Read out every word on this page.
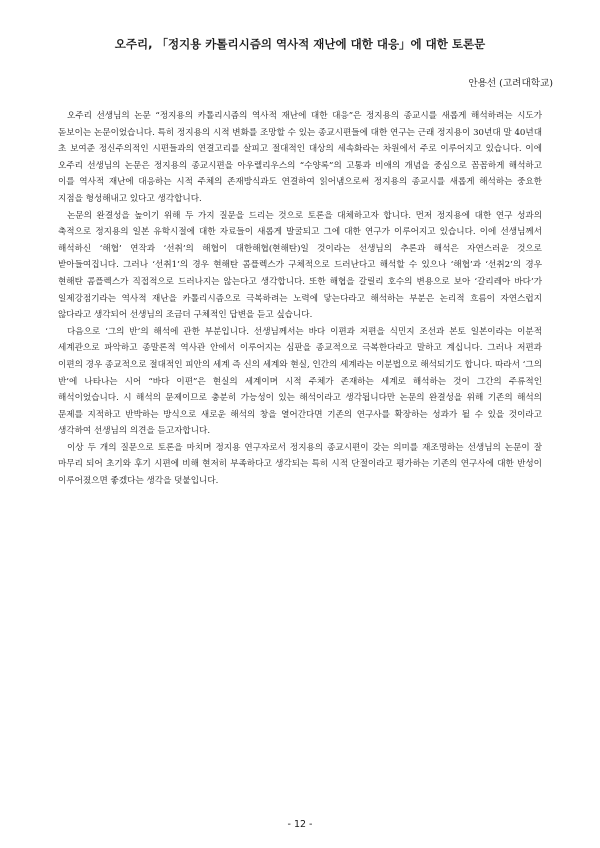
오주리, 「정지용 카톨리시즘의 역사적 재난에 대한 대응」에 대한 토론문
안용선 (고려대학교)

오주리 선생님의 논문 “정지용의 카톨리시즘의 역사적 재난에 대한 대응”은 정지용의 종교시를 새롭게 해석하려는 시도가 돋보이는 논문이었습니다. 특히 정지용의 시적 변화를 조망할 수 있는 종교시편들에 대한 연구는 근래 정지용이 30년대 말 40년대 초 보여준 정신주의적인 시편들과의 연결고리를 살피고 절대적인 대상의 세속화라는 차원에서 주로 이루어지고 있습니다. 이에 오주리 선생님의 논문은 정지용의 종교시편을 아우렐리우스의 “수양록”의 고통과 비애의 개념을 중심으로 꼼꼼하게 해석하고 이를 역사적 재난에 대응하는 시적 주체의 존재방식과도 연결하여 읽어냄으로써 정지용의 종교시를 새롭게 해석하는 중요한 지점을 형성해내고 있다고 생각합니다.

논문의 완결성을 높이기 위해 두 가지 질문을 드리는 것으로 토론을 대체하고자 합니다. 먼저 정지용에 대한 연구 성과의 축적으로 정지용의 일본 유학시절에 대한 자료들이 새롭게 발굴되고 그에 대한 연구가 이루어지고 있습니다. 이에 선생님께서 해석하신 ‘해협’ 연작과 ‘선취’의 해협이 대한해협(현해탄)일 것이라는 선생님의 추론과 해석은 자연스러운 것으로 받아들여집니다. 그러나 ‘선취1’의 경우 현해탄 콤플렉스가 구체적으로 드러난다고 해석할 수 있으나 ‘해협’과 ‘선취2’의 경우 현해탄 콤플렉스가 직접적으로 드러나지는 않는다고 생각합니다. 또한 해협을 갈릴리 호수의 변용으로 보아 ‘갈리레아 바다’가 일제강점기라는 역사적 재난을 카톨리시즘으로 극복하려는 노력에 닿는다라고 해석하는 부분은 논리적 흐름이 자연스럽지 않다라고 생각되어 선생님의 조금더 구체적인 답변을 듣고 싶습니다.

다음으로 ‘그의 반’의 해석에 관한 부분입니다. 선생님께서는 바다 이편과 저편을 식민지 조선과 본토 일본이라는 이분적 세계관으로 파악하고 종말론적 역사관 안에서 이루어지는 심판을 종교적으로 극복한다라고 말하고 계십니다. 그러나 저편과 이편의 경우 종교적으로 절대적인 피안의 세계 즉 신의 세계와 현실, 인간의 세계라는 이분법으로 해석되기도 합니다. 따라서 ‘그의 반’에 나타나는 시어 “바다 이편”은 현실의 세계이며 시적 주체가 존재하는 세계로 해석하는 것이 그간의 주류적인 해석이었습니다. 시 해석의 문제이므로 충분히 가능성이 있는 해석이라고 생각됩니다만 논문의 완결성을 위해 기존의 해석의 문제를 지적하고 반박하는 방식으로 새로운 해석의 창을 열어간다면 기존의 연구사를 확장하는 성과가 될 수 있을 것이라고 생각하여 선생님의 의견을 듣고자합니다.

이상 두 개의 질문으로 토론을 마치며 정지용 연구자로서 정지용의 종교시편이 갖는 의미를 재조명하는 선생님의 논문이 잘 마무리 되어 초기와 후기 시편에 비해 현저히 부족하다고 생각되는 특히 시적 단절이라고 평가하는 기존의 연구사에 대한 반성이 이루어졌으면 좋겠다는 생각을 덧붙입니다.

- 12 -
